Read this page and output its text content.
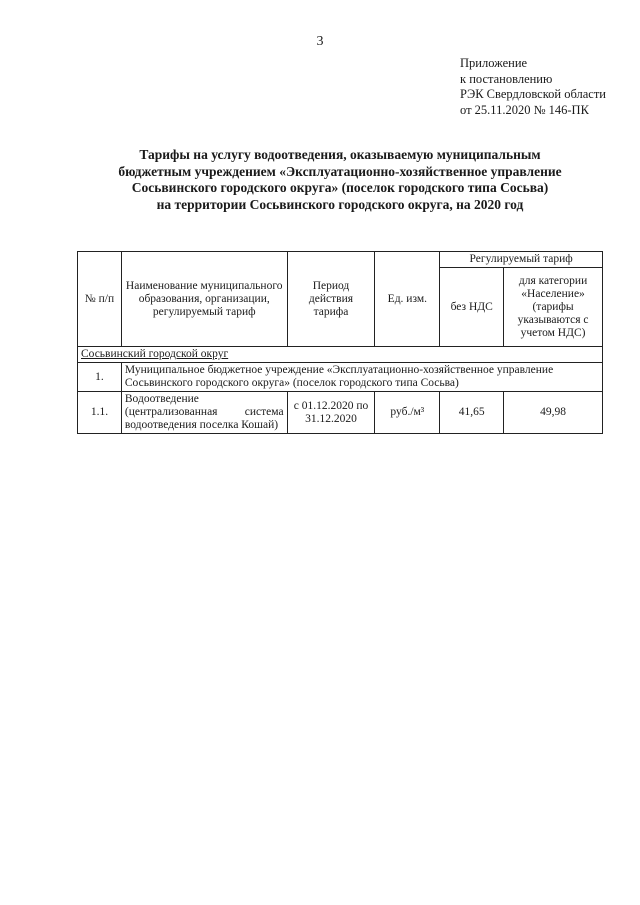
3
Приложение
к постановлению
РЭК Свердловской области
от 25.11.2020 № 146-ПК
Тарифы на услугу водоотведения, оказываемую муниципальным
бюджетным учреждением «Эксплуатационно-хозяйственное управление
Сосьвинского городского округа» (поселок городского типа Сосьва)
на территории Сосьвинского городского округа, на 2020 год
№ п/п	Наименование муниципального образования, организации, регулируемый тариф	Период действия тарифа	Ед. изм.	Регулируемый тариф	
				без НДС	для категории «Население» (тарифы указываются с учетом НДС)
Сосьвинский городской округ					
1.	Муниципальное бюджетное учреждение «Эксплуатационно-хозяйственное управление Сосьвинского городского округа» (поселок городского типа Сосьва)				
1.1.	Водоотведение (централизованная система водоотведения поселка Кошай)	с 01.12.2020 по 31.12.2020	руб./м³	41,65	49,98
